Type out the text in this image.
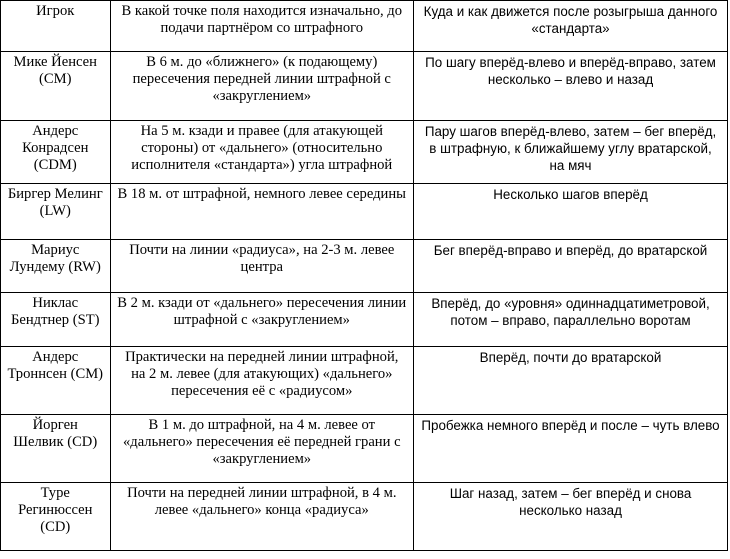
Игрок	В какой точке поля находится изначально, до подачи партнёром со штрафного	Куда и как движется после розыгрыша данного «стандарта»
Мике Йенсен (CM)	В 6 м. до «ближнего» (к подающему) пересечения передней линии штрафной с «закруглением»	По шагу вперёд-влево и вперёд-вправо, затем несколько – влево и назад
Андерс Конрадсен (CDM)	На 5 м. кзади и правее (для атакующей стороны) от «дальнего» (относительно исполнителя «стандарта») угла штрафной	Пару шагов вперёд-влево, затем – бег вперёд, в штрафную, к ближайшему углу вратарской, на мяч
Биргер Мелинг (LW)	В 18 м. от штрафной, немного левее середины	Несколько шагов вперёд
Мариус Лундему (RW)	Почти на линии «радиуса», на 2-3 м. левее центра	Бег вперёд-вправо и вперёд, до вратарской
Никлас Бендтнер (ST)	В 2 м. кзади от «дальнего» пересечения линии штрафной с «закруглением»	Вперёд, до «уровня» одиннадцатиметровой, потом – вправо, параллельно воротам
Андерс Троннсен (CM)	Практически на передней линии штрафной, на 2 м. левее (для атакующих) «дальнего» пересечения её с «радиусом»	Вперёд, почти до вратарской
Йорген Шелвик (CD)	В 1 м. до штрафной, на 4 м. левее от «дальнего» пересечения её передней грани с «закруглением»	Пробежка немного вперёд и после – чуть влево
Туре Регинюссен (CD)	Почти на передней линии штрафной, в 4 м. левее «дальнего» конца «радиуса»	Шаг назад, затем – бег вперёд и снова несколько назад
